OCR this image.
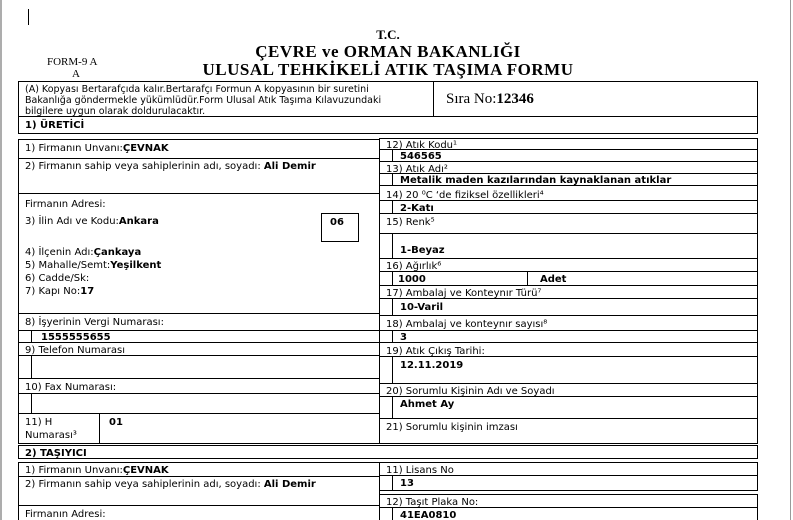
T.C.
ÇEVRE ve ORMAN BAKANLIĞI
ULUSAL TEHKİKELİ ATIK TAŞIMA FORMU
FORM-9 A
A
(A) Kopyası Bertarafçıda kalır.Bertarafçı Formun A kopyasının bir suretini
Bakanlığa göndermekle yükümlüdür.Form Ulusal Atık Taşıma Kılavuzundaki
bilgilere uygun olarak doldurulacaktır.
Sıra No:12346
1) ÜRETİCİ
1) Firmanın Unvanı:ÇEVNAK
2) Firmanın sahip veya sahiplerinin adı, soyadı: Ali Demir
Firmanın Adresi:
3) İlin Adı ve Kodu:Ankara	06
4) İlçenin Adı:Çankaya
5) Mahalle/Semt:Yeşilkent
6) Cadde/Sk:
7) Kapı No:17
8) İşyerinin Vergi Numarası:
1555555655
9) Telefon Numarası
10) Fax Numarası:
11) H Numarası³
01
12) Atık Kodu¹
546565
13) Atık Adı²
Metalik maden kazılarından kaynaklanan atıklar
14) 20 ⁰C ‘de fiziksel özellikleri⁴
2-Katı
15) Renk⁵
1-Beyaz
16) Ağırlık⁶
1000	Adet
17) Ambalaj ve Konteynır Türü⁷
10-Varil
18) Ambalaj ve konteynır sayısı⁸
3
19) Atık Çıkış Tarihi:
12.11.2019
20) Sorumlu Kişinin Adı ve Soyadı
Ahmet Ay
21) Sorumlu kişinin imzası
2) TAŞIYICI
1) Firmanın Unvanı:ÇEVNAK
2) Firmanın sahip veya sahiplerinin adı, soyadı: Ali Demir
Firmanın Adresi:
11) Lisans No
13
12) Taşıt Plaka No:
41EA0810
